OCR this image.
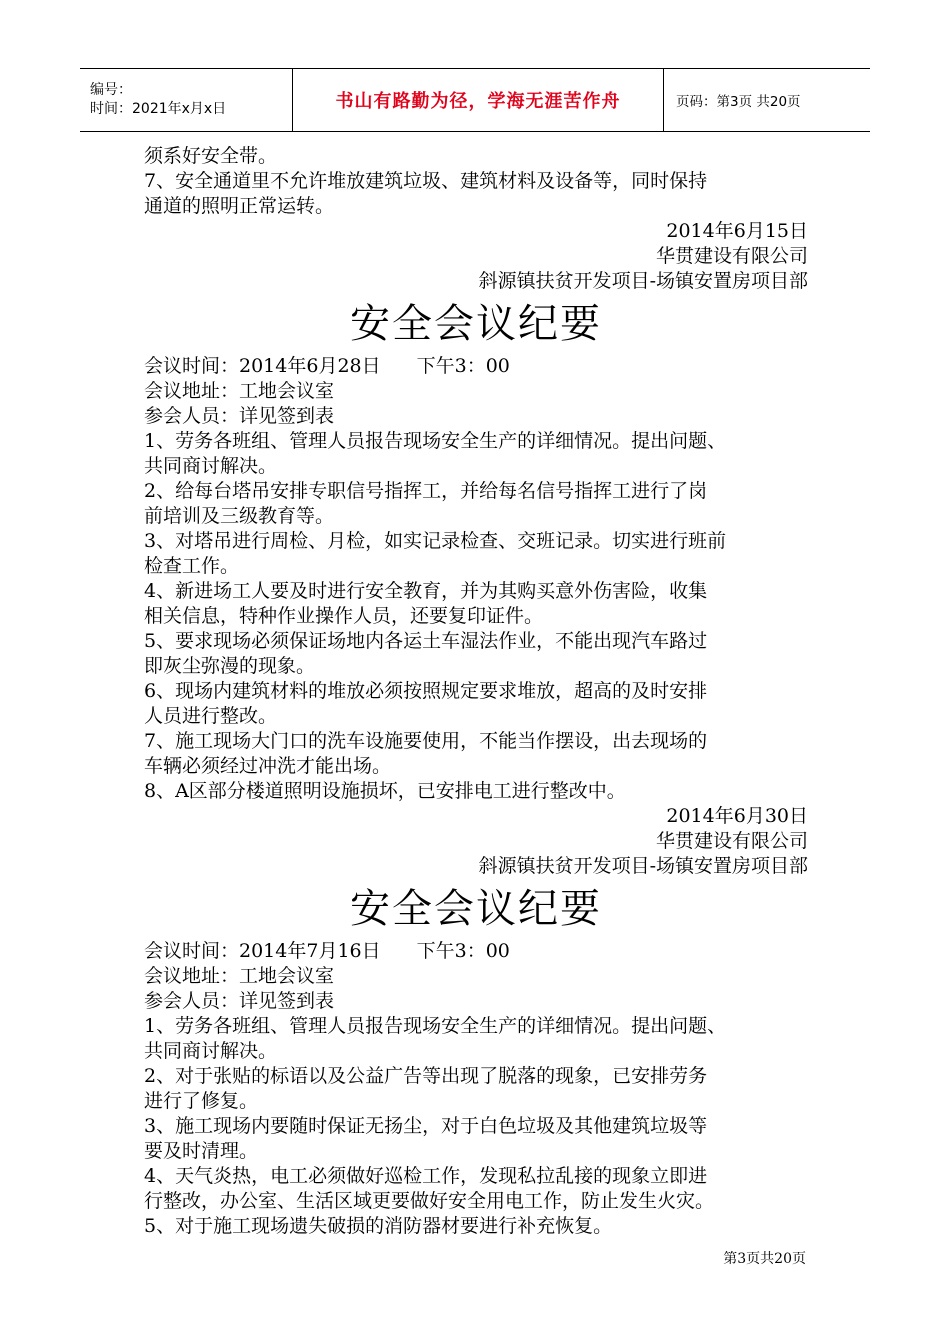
编号：
时间：2021年x月x日	书山有路勤为径，学海无涯苦作舟	页码：第3页 共20页

须系好安全带。

7、安全通道里不允许堆放建筑垃圾、建筑材料及设备等，同时保持

通道的照明正常运转。

2014年6月15日

华贯建设有限公司

斜源镇扶贫开发项目-场镇安置房项目部

安全会议纪要

会议时间：2014年6月28日 下午3：00

会议地址：工地会议室

参会人员：详见签到表

1、劳务各班组、管理人员报告现场安全生产的详细情况。提出问题、

共同商讨解决。

2、给每台塔吊安排专职信号指挥工，并给每名信号指挥工进行了岗

前培训及三级教育等。

3、对塔吊进行周检、月检，如实记录检查、交班记录。切实进行班前

检查工作。

4、新进场工人要及时进行安全教育，并为其购买意外伤害险，收集

相关信息，特种作业操作人员，还要复印证件。

5、要求现场必须保证场地内各运土车湿法作业，不能出现汽车路过

即灰尘弥漫的现象。

6、现场内建筑材料的堆放必须按照规定要求堆放，超高的及时安排

人员进行整改。

7、施工现场大门口的洗车设施要使用，不能当作摆设，出去现场的

车辆必须经过冲洗才能出场。

8、A区部分楼道照明设施损坏，已安排电工进行整改中。

2014年6月30日

华贯建设有限公司

斜源镇扶贫开发项目-场镇安置房项目部

安全会议纪要

会议时间：2014年7月16日 下午3：00

会议地址：工地会议室

参会人员：详见签到表

1、劳务各班组、管理人员报告现场安全生产的详细情况。提出问题、

共同商讨解决。

2、对于张贴的标语以及公益广告等出现了脱落的现象，已安排劳务

进行了修复。

3、施工现场内要随时保证无扬尘，对于白色垃圾及其他建筑垃圾等

要及时清理。

4、天气炎热，电工必须做好巡检工作，发现私拉乱接的现象立即进

行整改，办公室、生活区域更要做好安全用电工作，防止发生火灾。

5、对于施工现场遗失破损的消防器材要进行补充恢复。

第3页共20页
